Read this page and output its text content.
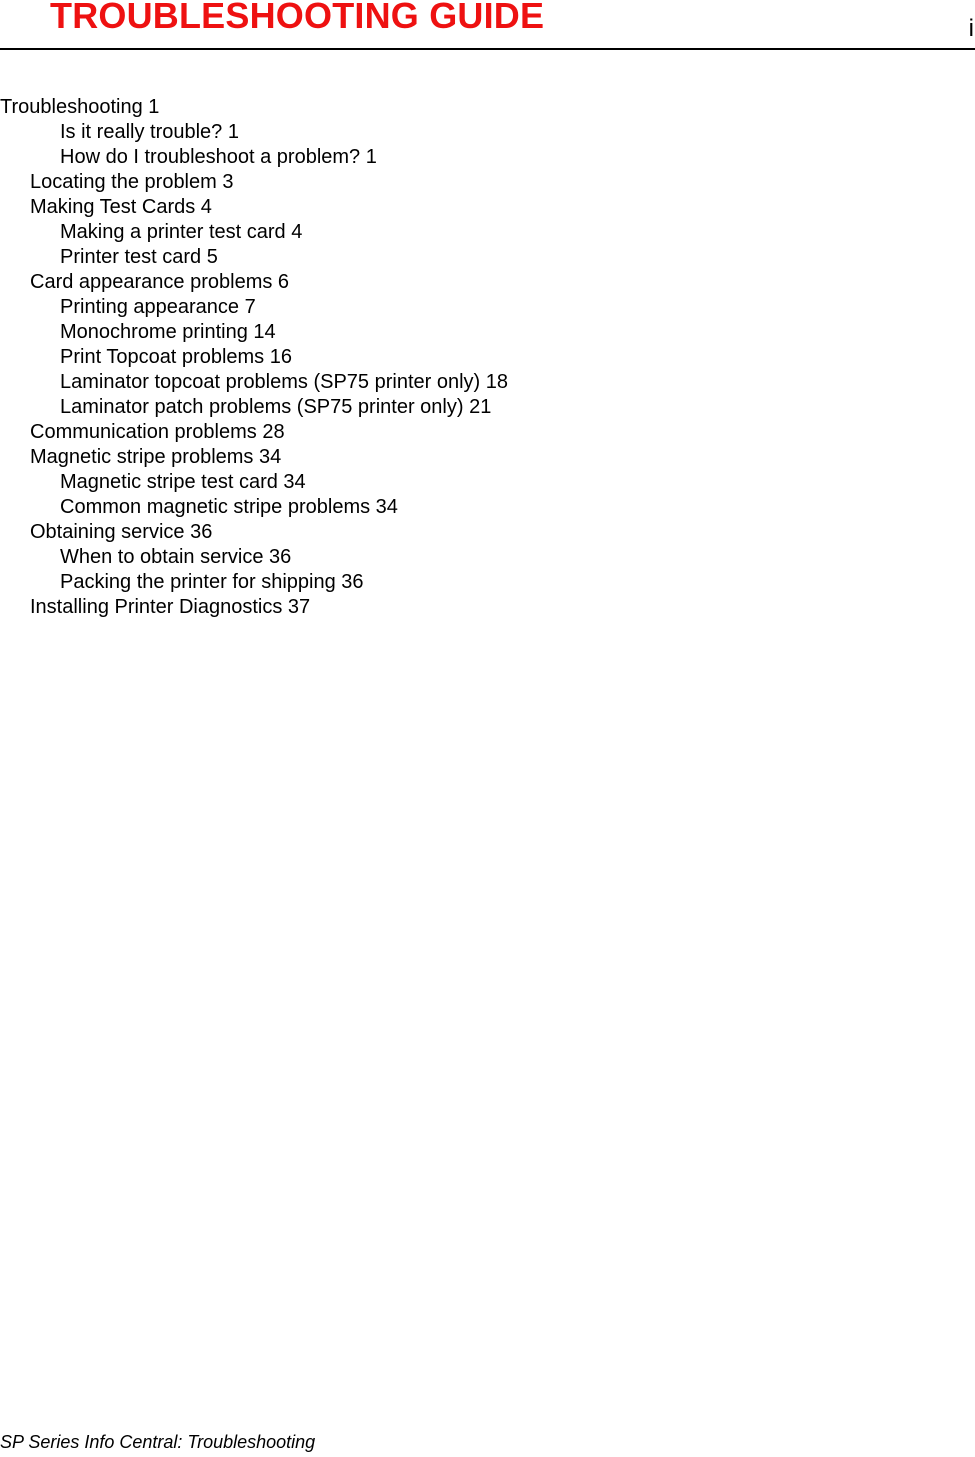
TROUBLESHOOTING GUIDE	i
Troubleshooting 1
Is it really trouble? 1
How do I troubleshoot a problem? 1
Locating the problem 3
Making Test Cards 4
Making a printer test card 4
Printer test card 5
Card appearance problems 6
Printing appearance 7
Monochrome printing 14
Print Topcoat problems 16
Laminator topcoat problems (SP75 printer only) 18
Laminator patch problems (SP75 printer only) 21
Communication problems 28
Magnetic stripe problems 34
Magnetic stripe test card 34
Common magnetic stripe problems 34
Obtaining service 36
When to obtain service 36
Packing the printer for shipping 36
Installing Printer Diagnostics 37
SP Series Info Central: Troubleshooting
